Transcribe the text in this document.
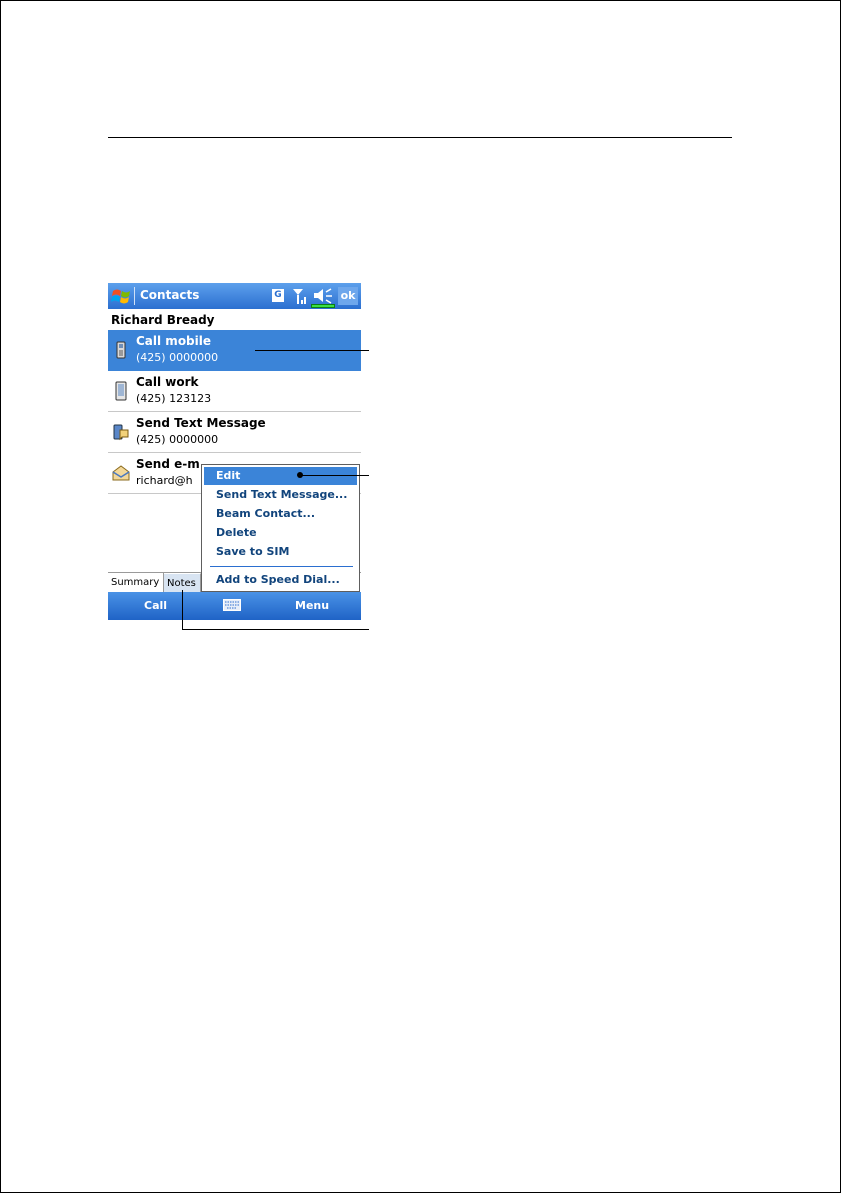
Contacts	G	ok
Richard Bready
Call mobile
(425) 0000000
Call work
(425) 123123
Send Text Message
(425) 0000000
Send e-m
richard@h
Summary Notes
Call	Menu
Edit
Send Text Message...
Beam Contact...
Delete
Save to SIM
Add to Speed Dial...
